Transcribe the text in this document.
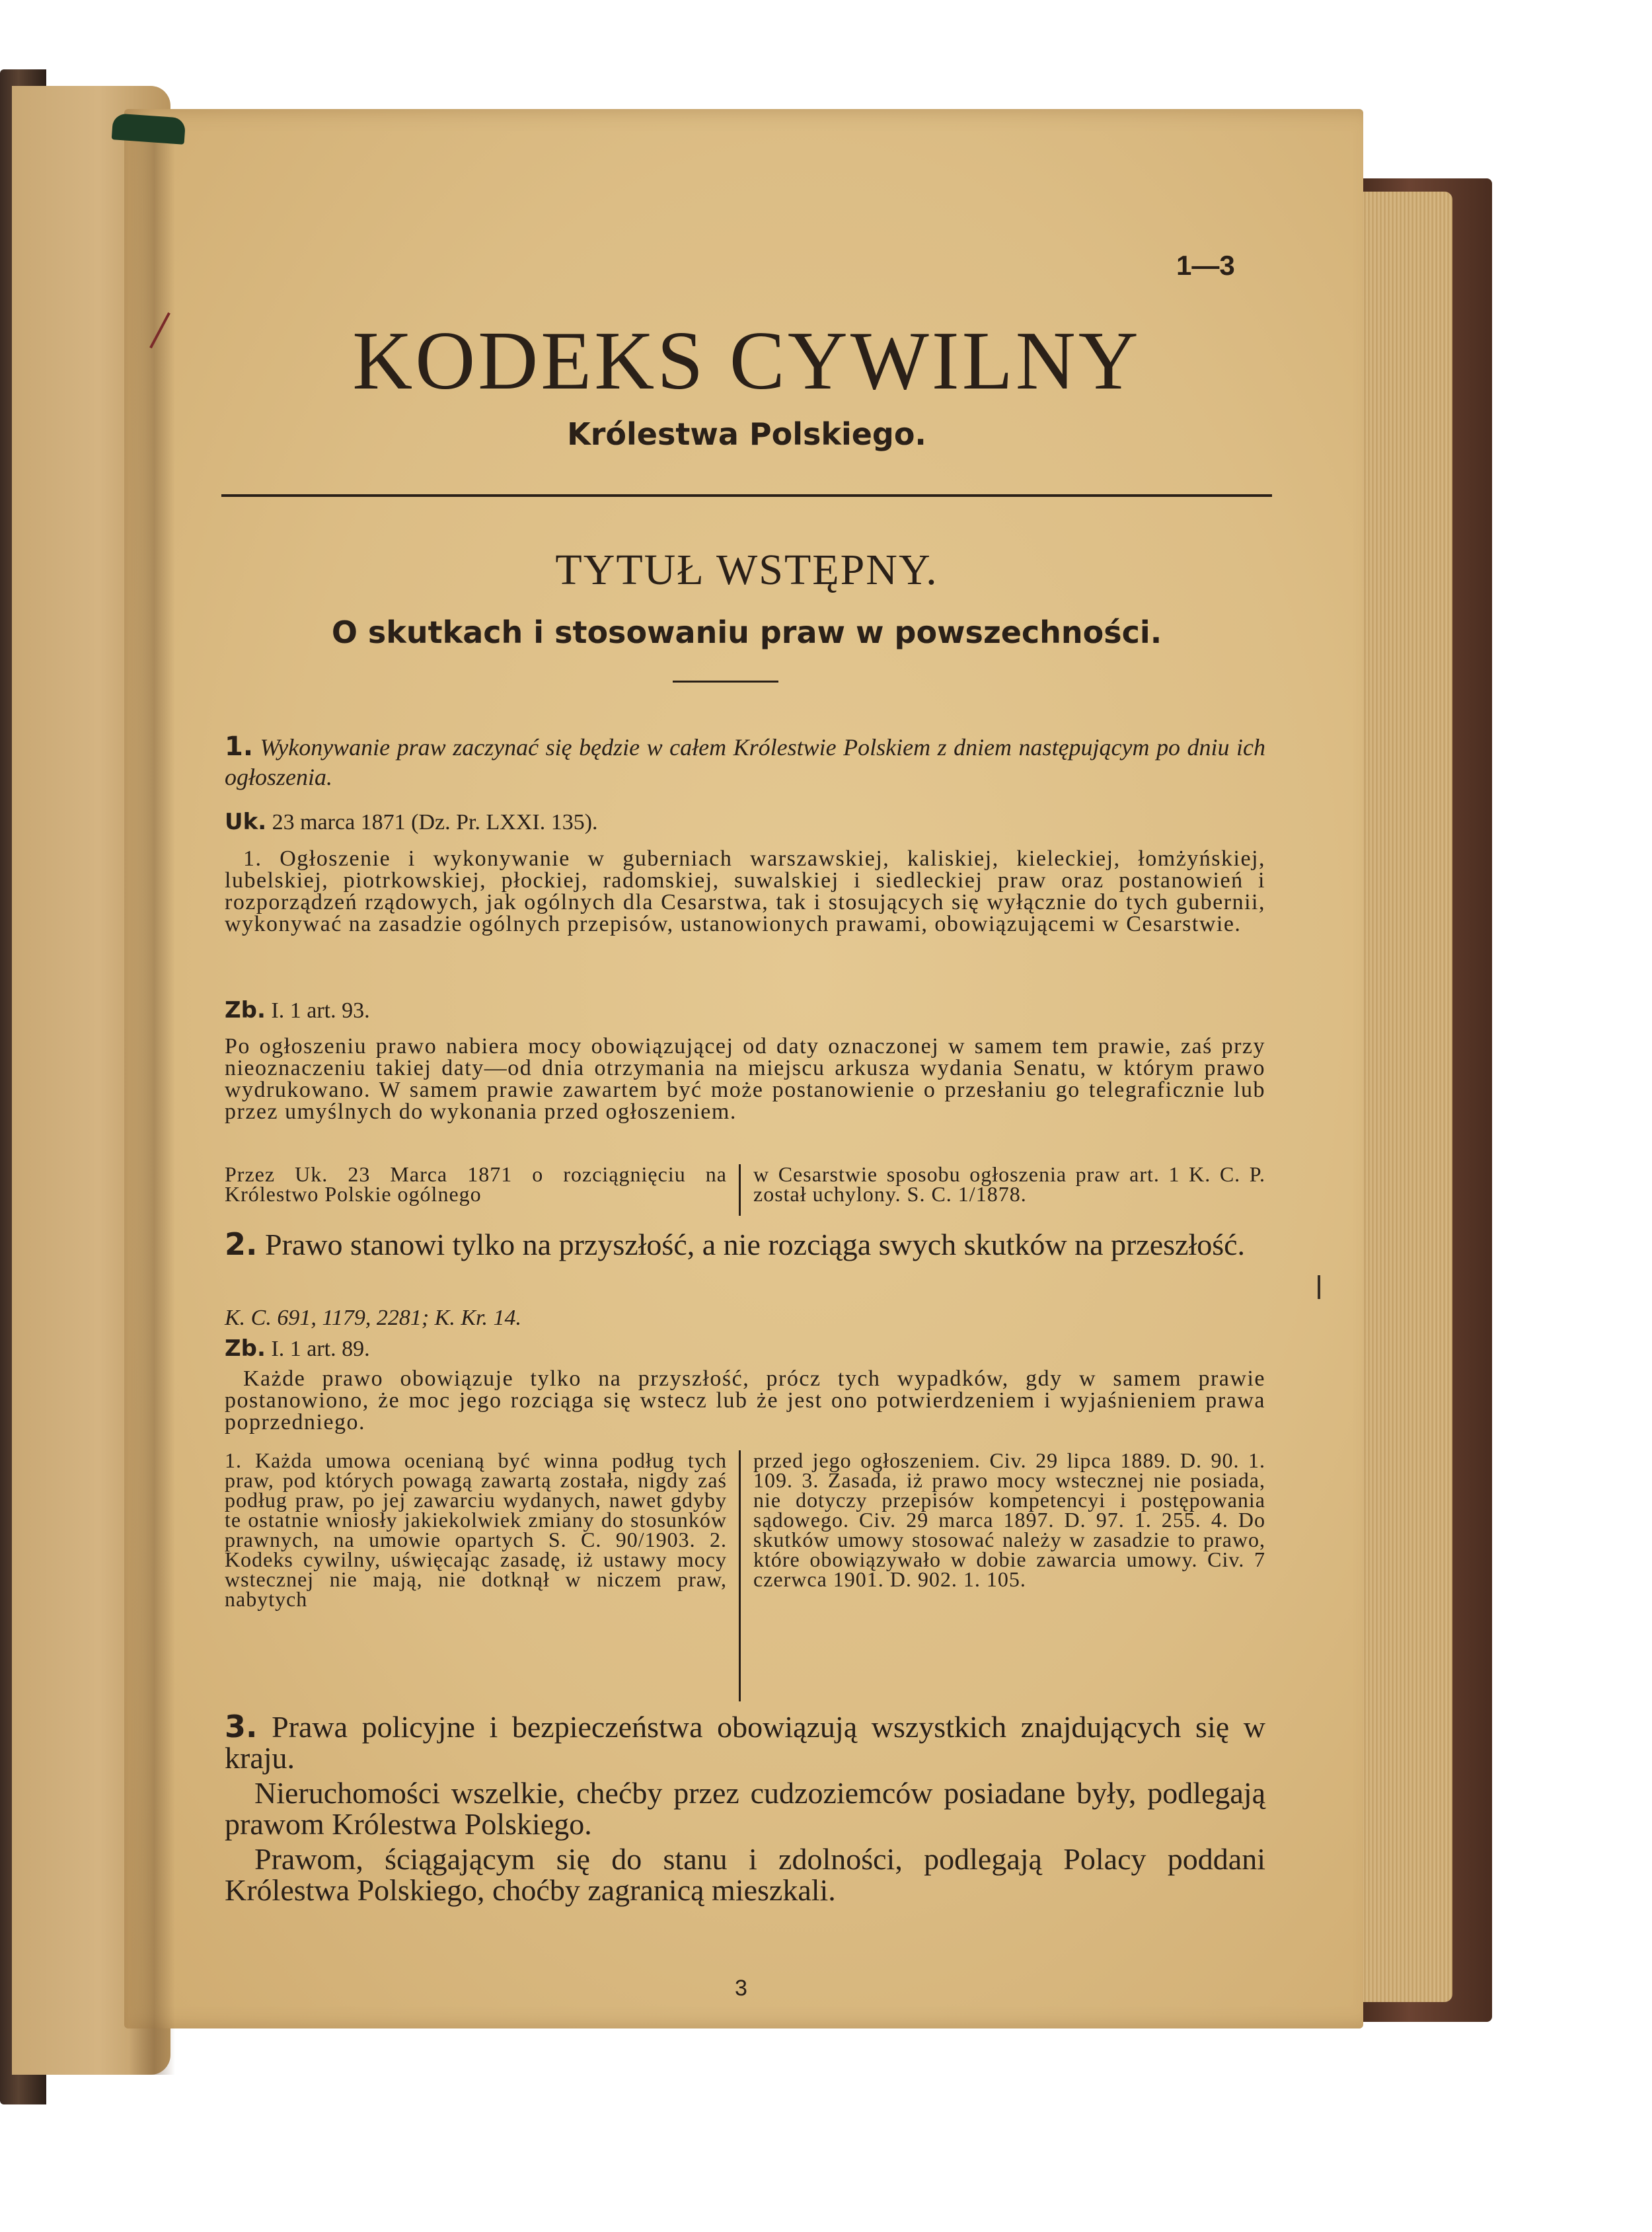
1—3
KODEKS CYWILNY
Królestwa Polskiego.
TYTUŁ WSTĘPNY.
O skutkach i stosowaniu praw w powszechności.
1. Wykonywanie praw zaczynać się będzie w całem Królestwie Polskiem z dniem następującym po dniu ich ogłoszenia.
Uk. 23 marca 1871 (Dz. Pr. LXXI. 135).
1. Ogłoszenie i wykonywanie w guberniach warszawskiej, kaliskiej, kieleckiej, łomżyńskiej, lubelskiej, piotrkowskiej, płockiej, radomskiej, suwalskiej i siedleckiej praw oraz postanowień i rozporządzeń rządowych, jak ogólnych dla Cesarstwa, tak i stosujących się wyłącznie do tych gubernii, wykonywać na zasadzie ogólnych przepisów, ustanowionych prawami, obowiązującemi w Cesarstwie.
Zb. I. 1 art. 93.
Po ogłoszeniu prawo nabiera mocy obowiązującej od daty oznaczonej w samem tem prawie, zaś przy nieoznaczeniu takiej daty—od dnia otrzymania na miejscu arkusza wydania Senatu, w którym prawo wydrukowano. W samem prawie zawartem być może postanowienie o przesłaniu go telegraficznie lub przez umyślnych do wykonania przed ogłoszeniem.
Przez Uk. 23 Marca 1871 o rozciągnięciu na Królestwo Polskie ogólnego
w Cesarstwie sposobu ogłoszenia praw art. 1 K. C. P. został uchylony. S. C. 1/1878.
2. Prawo stanowi tylko na przyszłość, a nie rozciąga swych skutków na przeszłość.
K. C. 691, 1179, 2281; K. Kr. 14.
Zb. I. 1 art. 89.
Każde prawo obowiązuje tylko na przyszłość, prócz tych wypadków, gdy w samem prawie postanowiono, że moc jego rozciąga się wstecz lub że jest ono potwierdzeniem i wyjaśnieniem prawa poprzedniego.
1. Każda umowa ocenianą być winna podług tych praw, pod których powagą zawartą została, nigdy zaś podług praw, po jej zawarciu wydanych, nawet gdyby te ostatnie wniosły jakiekolwiek zmiany do stosunków prawnych, na umowie opartych S. C. 90/1903. 2. Kodeks cywilny, uświęcając zasadę, iż ustawy mocy wstecznej nie mają, nie dotknął w niczem praw, nabytych
przed jego ogłoszeniem. Civ. 29 lipca 1889. D. 90. 1. 109. 3. Zasada, iż prawo mocy wstecznej nie posiada, nie dotyczy przepisów kompetencyi i postępowania sądowego. Civ. 29 marca 1897. D. 97. 1. 255. 4. Do skutków umowy stosować należy w zasadzie to prawo, które obowiązywało w dobie zawarcia umowy. Civ. 7 czerwca 1901. D. 902. 1. 105.
3. Prawa policyjne i bezpieczeństwa obowiązują wszystkich znajdujących się w kraju.
Nieruchomości wszelkie, chećby przez cudzoziemców posiadane były, podlegają prawom Królestwa Polskiego.
Prawom, ściągającym się do stanu i zdolności, podlegają Polacy poddani Królestwa Polskiego, choćby zagranicą mieszkali.
3
